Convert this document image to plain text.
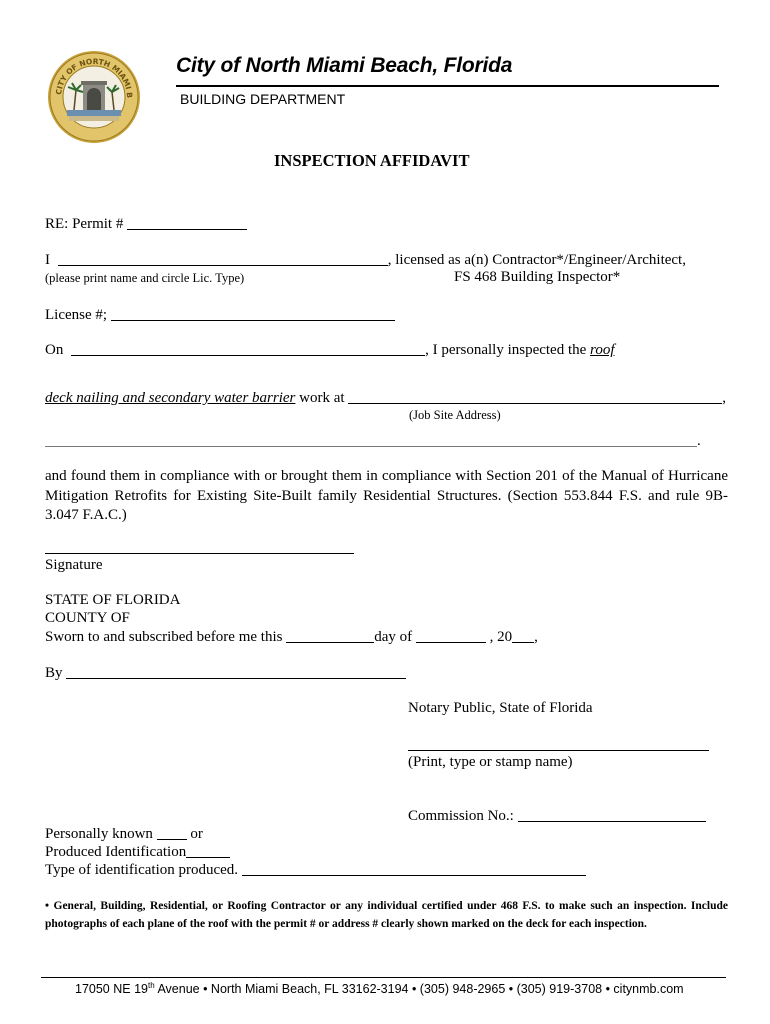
CITY OF NORTH MIAMI B
City of North Miami Beach, Florida
BUILDING DEPARTMENT
INSPECTION AFFIDAVIT
RE: Permit #
I	, licensed as a(n) Contractor*/Engineer/Architect,
(please print name and circle Lic. Type)	FS 468 Building Inspector*
License #;
On	, I personally inspected the roof
deck nailing and secondary water barrier work at	,
(Job Site Address)
.
and found them in compliance with or brought them in compliance with Section 201 of the Manual of Hurricane Mitigation Retrofits for Existing Site-Built family Residential Structures. (Section 553.844 F.S. and rule 9B-3.047 F.A.C.)
Signature
STATE OF FLORIDA
COUNTY OF
Sworn to and subscribed before me this	day of	, 20 ,
By
Notary Public, State of Florida
(Print, type or stamp name)
Commission No.:
Personally known	or
Produced Identification
Type of identification produced.
• General, Building, Residential, or Roofing Contractor or any individual certified under 468 F.S. to make such an inspection. Include photographs of each plane of the roof with the permit # or address # clearly shown marked on the deck for each inspection.
17050 NE 19th Avenue • North Miami Beach, FL 33162-3194 • (305) 948-2965 • (305) 919-3708 • citynmb.com
